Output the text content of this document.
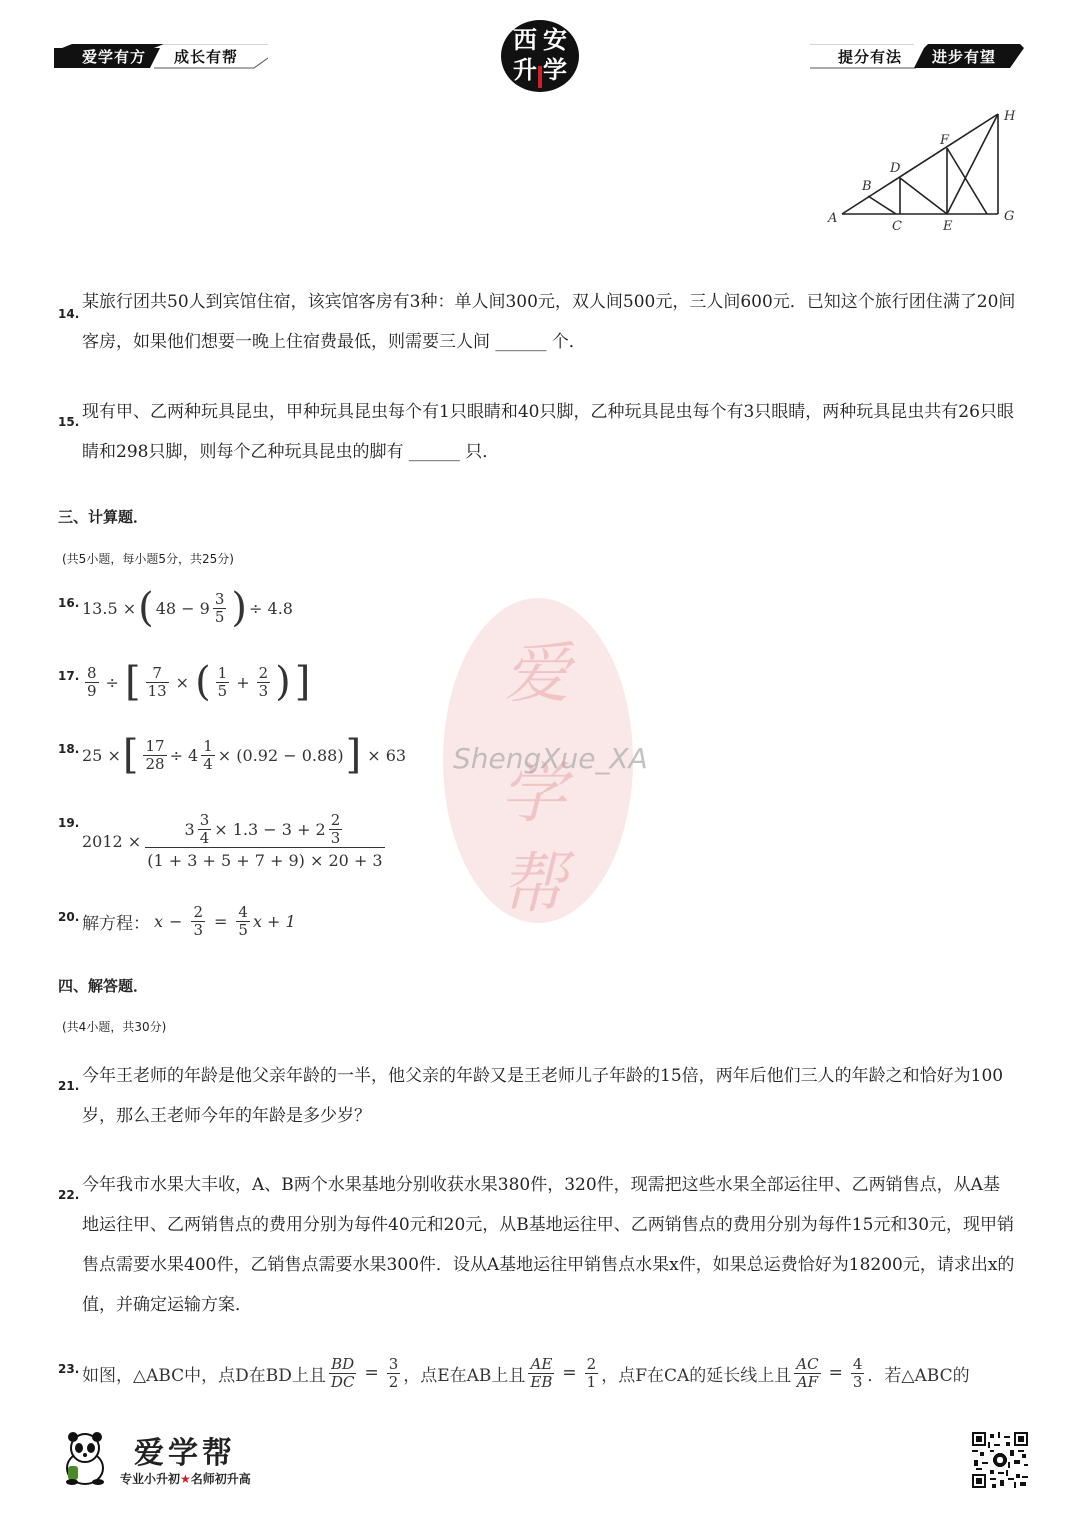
爱学有方 成长有帮
西 安
升 学	提分有法 进步有望
A
B
C
D
E
F
G
H
爱
学
帮
ShengXue_XA
14.
某旅行团共50人到宾馆住宿，该宾馆客房有3种：单人间300元，双人间500元，三人间600元．已知这个旅行团住满了20间
客房，如果他们想要一晚上住宿费最低，则需要三人间 ______ 个．
15. 现有甲、乙两种玩具昆虫，甲种玩具昆虫每个有1只眼睛和40只脚，乙种玩具昆虫每个有3只眼睛，两种玩具昆虫共有26只眼
睛和298只脚，则每个乙种玩具昆虫的脚有 ______ 只．
三、计算题．
(共5小题，每小题5分，共25分)
16. 13.5 × ( $48 - 9 \frac{3}{5}$ ) ÷ 4.8
17. $\frac{8}{9}$ ÷ [ $\frac{7}{13}$ × ( $\frac{1}{5} + \frac{2}{3}$ ) ]
18. 25 × [ $\frac{17}{28} \div 4 \frac{1}{4} \times (0.92 - 0.88)$ ] × 63
19.
2012 ×
$3 \frac{3}{4} \times 1.3 - 3 + 2 \frac{2}{3}$
(1 + 3 + 5 + 7 + 9) × 20 + 3
20. 解方程： $x - \frac{2}{3} = \frac{4}{5}$ x + 1
四、解答题．
(共4小题，共30分)
21. 今年王老师的年龄是他父亲年龄的一半，他父亲的年龄又是王老师儿子年龄的15倍，两年后他们三人的年龄之和恰好为100
岁，那么王老师今年的年龄是多少岁？
22. 今年我市水果大丰收，A、B两个水果基地分别收获水果380件，320件，现需把这些水果全部运往甲、乙两销售点，从A基
地运往甲、乙两销售点的费用分别为每件40元和20元，从B基地运往甲、乙两销售点的费用分别为每件15元和30元，现甲销
售点需要水果400件，乙销售点需要水果300件．设从A基地运往甲销售点水果x件，如果总运费恰好为18200元，请求出x的
值，并确定运输方案．
23. 如图，△ABC中，点D在BD上且 $\frac{BD}{DC} = \frac{3}{2}$ ，点E在AB上且 $\frac{AE}{EB} = \frac{2}{1}$ ，点F在CA的延长线上且 $\frac{AC}{AF} = \frac{4}{3}$ ．若△ABC的
爱学帮
专业小升初★名师初升高
